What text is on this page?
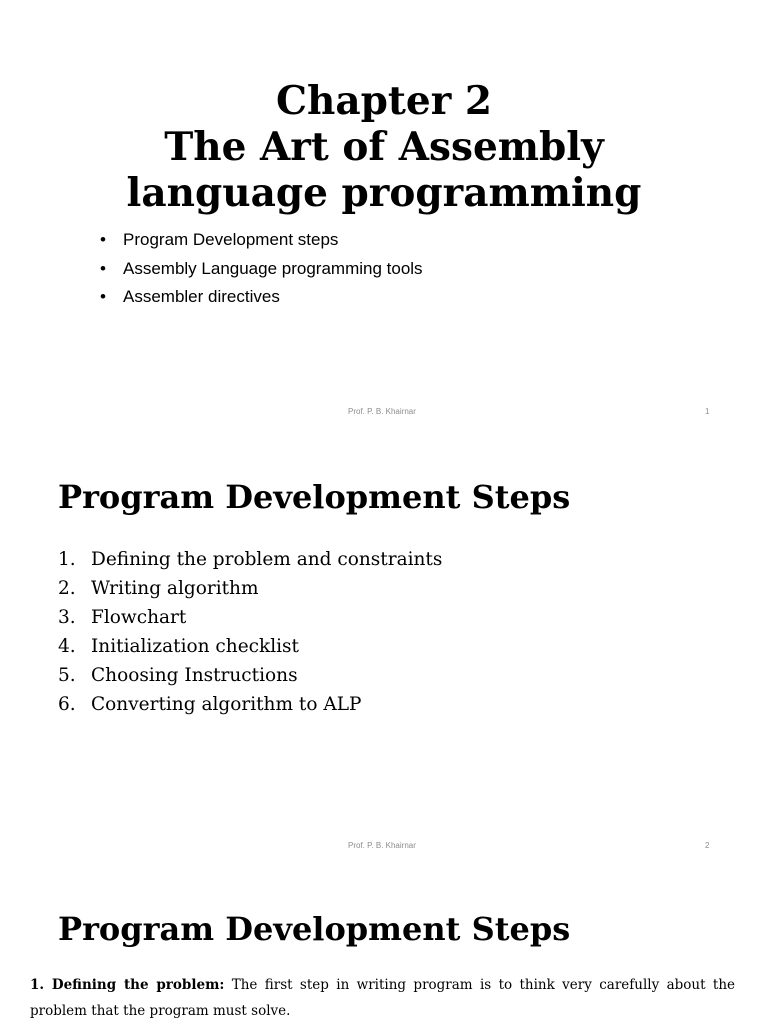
Chapter 2
The Art of Assembly
language programming
• Program Development steps
• Assembly Language programming tools
• Assembler directives
Prof. P. B. Khairnar	1
Program Development Steps
1. Defining the problem and constraints
2. Writing algorithm
3. Flowchart
4. Initialization checklist
5. Choosing Instructions
6. Converting algorithm to ALP
Prof. P. B. Khairnar	2
Program Development Steps
1. Defining the problem: The first step in writing program is to think very carefully about the problem that the program must solve.
